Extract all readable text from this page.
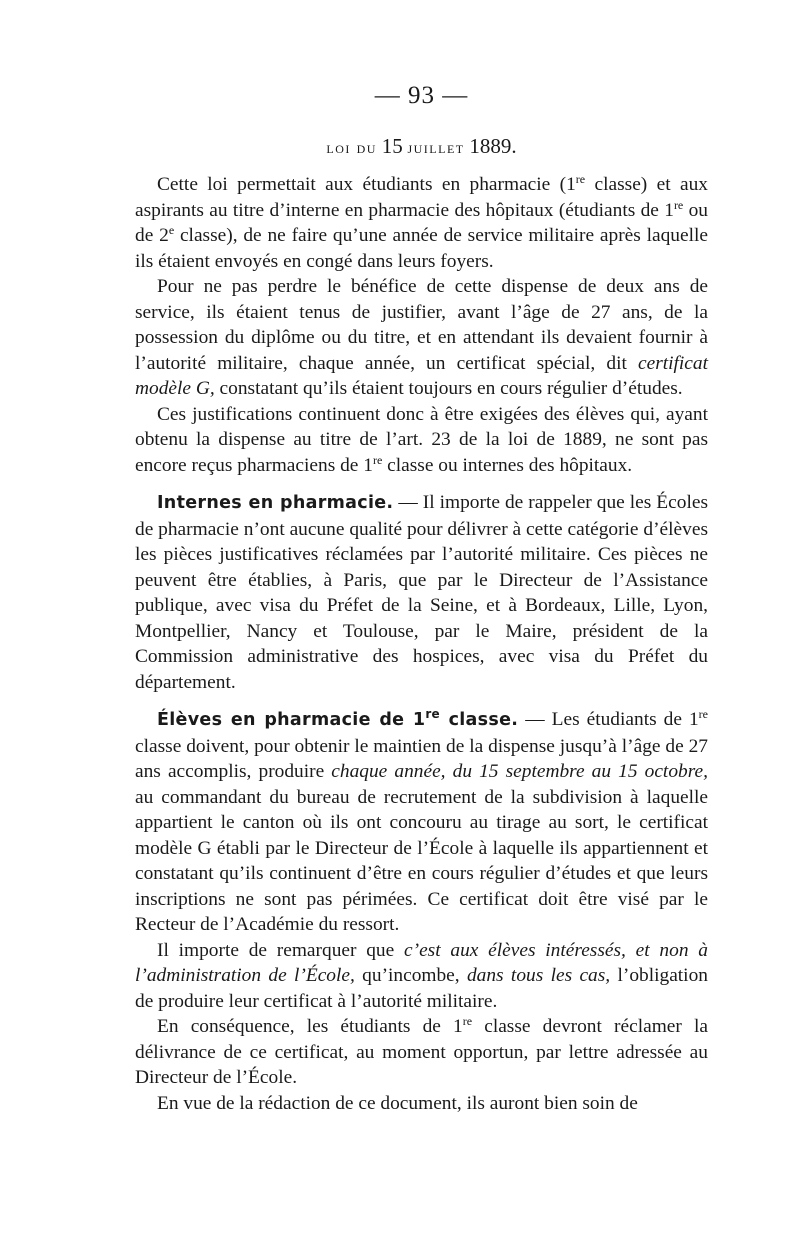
— 93 —
loi du 15 juillet 1889.

Cette loi permettait aux étudiants en pharmacie (1re classe) et aux aspirants au titre d’interne en pharmacie des hôpitaux (étudiants de 1re ou de 2e classe), de ne faire qu’une année de service militaire après laquelle ils étaient envoyés en congé dans leurs foyers.

Pour ne pas perdre le bénéfice de cette dispense de deux ans de service, ils étaient tenus de justifier, avant l’âge de 27 ans, de la possession du diplôme ou du titre, et en attendant ils devaient fournir à l’autorité militaire, chaque année, un certificat spécial, dit certificat modèle G, constatant qu’ils étaient toujours en cours régulier d’études.

Ces justifications continuent donc à être exigées des élèves qui, ayant obtenu la dispense au titre de l’art. 23 de la loi de 1889, ne sont pas encore reçus pharmaciens de 1re classe ou internes des hôpitaux.

Internes en pharmacie. — Il importe de rappeler que les Écoles de pharmacie n’ont aucune qualité pour délivrer à cette catégorie d’élèves les pièces justificatives réclamées par l’autorité militaire. Ces pièces ne peuvent être établies, à Paris, que par le Directeur de l’Assistance publique, avec visa du Préfet de la Seine, et à Bordeaux, Lille, Lyon, Montpellier, Nancy et Toulouse, par le Maire, président de la Commission administrative des hospices, avec visa du Préfet du département.

Élèves en pharmacie de 1re classe. — Les étudiants de 1re classe doivent, pour obtenir le maintien de la dispense jusqu’à l’âge de 27 ans accomplis, produire chaque année, du 15 septembre au 15 octobre, au commandant du bureau de recrutement de la subdivision à laquelle appartient le canton où ils ont concouru au tirage au sort, le certificat modèle G établi par le Directeur de l’École à laquelle ils appartiennent et constatant qu’ils continuent d’être en cours régulier d’études et que leurs inscriptions ne sont pas périmées. Ce certificat doit être visé par le Recteur de l’Académie du ressort.

Il importe de remarquer que c’est aux élèves intéressés, et non à l’administration de l’École, qu’incombe, dans tous les cas, l’obligation de produire leur certificat à l’autorité militaire.

En conséquence, les étudiants de 1re classe devront réclamer la délivrance de ce certificat, au moment opportun, par lettre adressée au Directeur de l’École.

En vue de la rédaction de ce document, ils auront bien soin de
